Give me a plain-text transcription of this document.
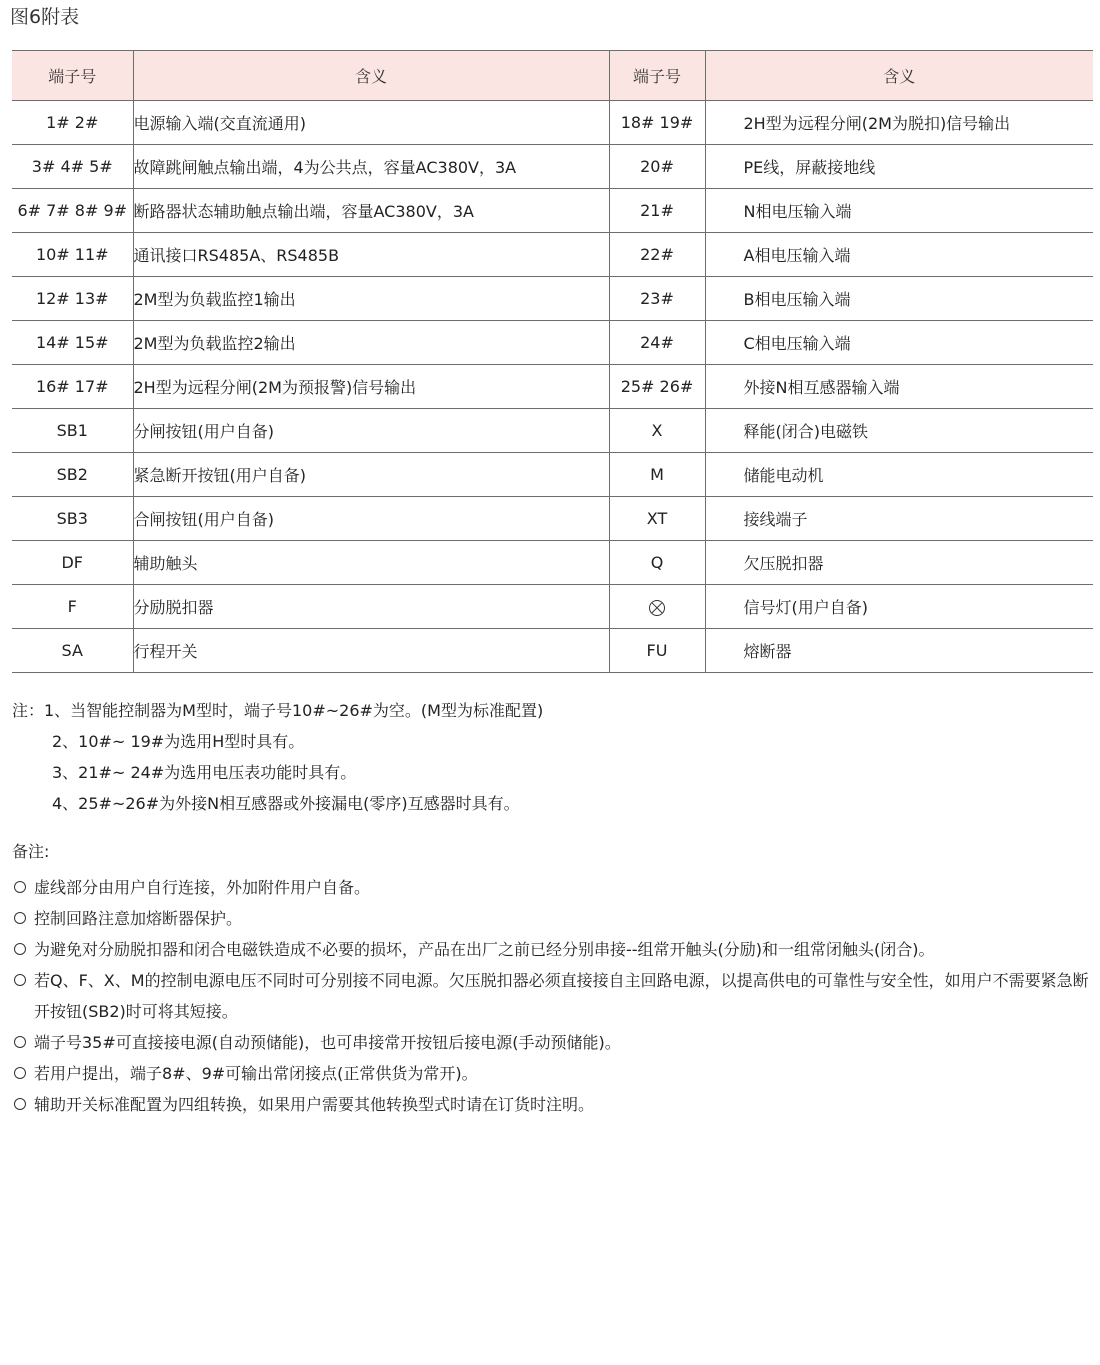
图6附表
端子号	含义	端子号	含义
1# 2#	电源输入端(交直流通用)	18# 19#	2H型为远程分闸(2M为脱扣)信号输出
3# 4# 5#	故障跳闸触点输出端，4为公共点，容量AC380V，3A	20#	PE线，屏蔽接地线
6# 7# 8# 9#	断路器状态辅助触点输出端，容量AC380V，3A	21#	N相电压输入端
10# 11#	通讯接口RS485A、RS485B	22#	A相电压输入端
12# 13#	2M型为负载监控1输出	23#	B相电压输入端
14# 15#	2M型为负载监控2输出	24#	C相电压输入端
16# 17#	2H型为远程分闸(2M为预报警)信号输出	25# 26#	外接N相互感器输入端
SB1	分闸按钮(用户自备)	X	释能(闭合)电磁铁
SB2	紧急断开按钮(用户自备)	M	储能电动机
SB3	合闸按钮(用户自备)	XT	接线端子
DF	辅助触头	Q	欠压脱扣器
F	分励脱扣器		信号灯(用户自备)
SA	行程开关	FU	熔断器
注：1、当智能控制器为M型时，端子号10#~26#为空。(M型为标准配置)
2、10#~ 19#为选用H型时具有。
3、21#~ 24#为选用电压表功能时具有。
4、25#~26#为外接N相互感器或外接漏电(零序)互感器时具有。
备注:
虚线部分由用户自行连接，外加附件用户自备。
控制回路注意加熔断器保护。
为避免对分励脱扣器和闭合电磁铁造成不必要的损坏，产品在出厂之前已经分别串接--组常开触头(分励)和一组常闭触头(闭合)。
若Q、F、X、M的控制电源电压不同时可分别接不同电源。欠压脱扣器必须直接接自主回路电源，以提高供电的可靠性与安全性，如用户不需要紧急断开按钮(SB2)时可将其短接。
端子号35#可直接接电源(自动预储能)，也可串接常开按钮后接电源(手动预储能)。
若用户提出，端子8#、9#可输出常闭接点(正常供货为常开)。
辅助开关标准配置为四组转换，如果用户需要其他转换型式时请在订货时注明。
